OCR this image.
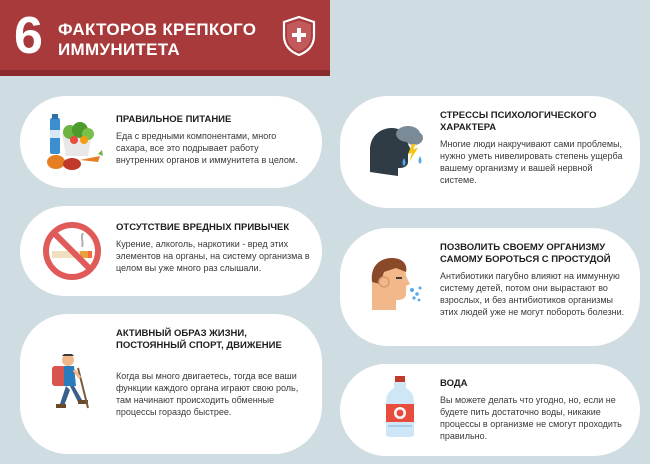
6 ФАКТОРОВ КРЕПКОГО ИММУНИТЕТА
ПРАВИЛЬНОЕ ПИТАНИЕ
Еда с вредными компонентами, много сахара, все это подрывает работу внутренних органов и иммунитета в целом.
ОТСУТСТВИЕ ВРЕДНЫХ ПРИВЫЧЕК
Курение, алкоголь, наркотики - вред этих элементов на органы, на систему организма в целом вы уже много раз слышали.
АКТИВНЫЙ ОБРАЗ ЖИЗНИ, ПОСТОЯННЫЙ СПОРТ, ДВИЖЕНИЕ
Когда вы много двигаетесь, тогда все ваши функции каждого органа играют свою роль, там начинают происходить обменные процессы гораздо быстрее.
СТРЕССЫ ПСИХОЛОГИЧЕСКОГО ХАРАКТЕРА
Многие люди накручивают сами проблемы, нужно уметь нивелировать степень ущерба вашему организму и вашей нервной системе.
ПОЗВОЛИТЬ СВОЕМУ ОРГАНИЗМУ САМОМУ БОРОТЬСЯ С ПРОСТУДОЙ
Антибиотики пагубно влияют на иммунную систему детей, потом они вырастают во взрослых, и без антибиотиков организмы этих людей уже не могут побороть болезни.
ВОДА
Вы можете делать что угодно, но, если не будете пить достаточно воды, никакие процессы в организме не смогут проходить правильно.
